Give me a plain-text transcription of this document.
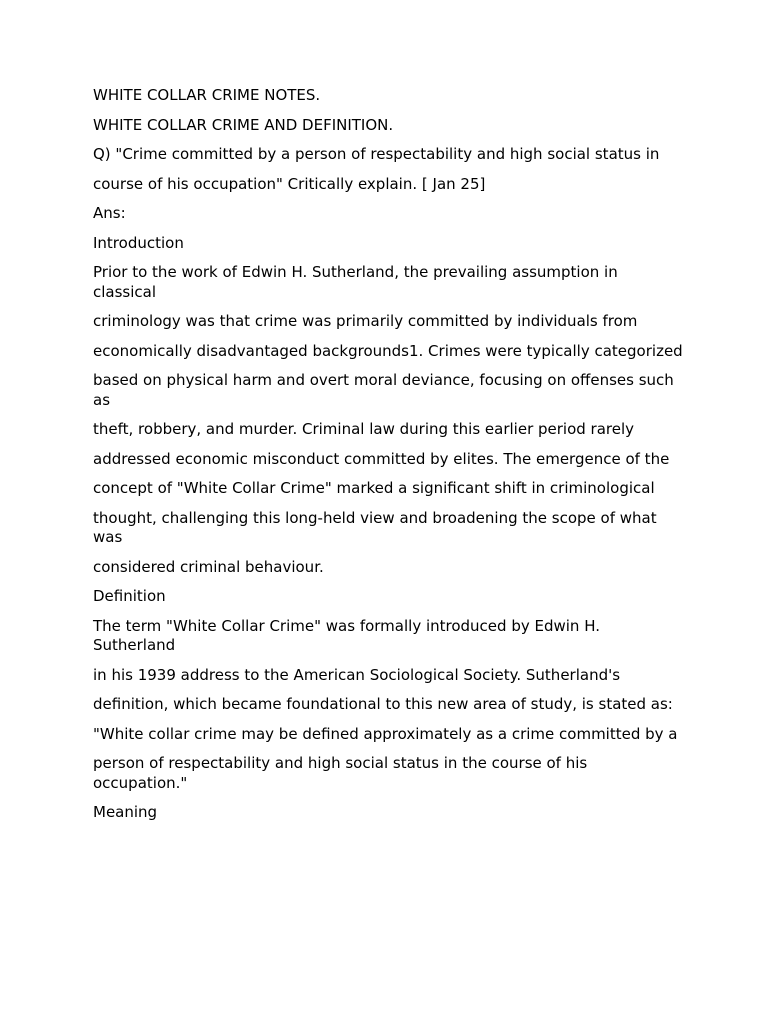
WHITE COLLAR CRIME NOTES.

WHITE COLLAR CRIME AND DEFINITION.

Q) "Crime committed by a person of respectability and high social status in

course of his occupation" Critically explain. [ Jan 25]

Ans:

Introduction

Prior to the work of Edwin H. Sutherland, the prevailing assumption in classical

criminology was that crime was primarily committed by individuals from

economically disadvantaged backgrounds1. Crimes were typically categorized

based on physical harm and overt moral deviance, focusing on offenses such as

theft, robbery, and murder. Criminal law during this earlier period rarely

addressed economic misconduct committed by elites. The emergence of the

concept of "White Collar Crime" marked a significant shift in criminological

thought, challenging this long-held view and broadening the scope of what was

considered criminal behaviour.

Definition

The term "White Collar Crime" was formally introduced by Edwin H. Sutherland

in his 1939 address to the American Sociological Society. Sutherland's

definition, which became foundational to this new area of study, is stated as:

"White collar crime may be defined approximately as a crime committed by a

person of respectability and high social status in the course of his occupation."

Meaning
